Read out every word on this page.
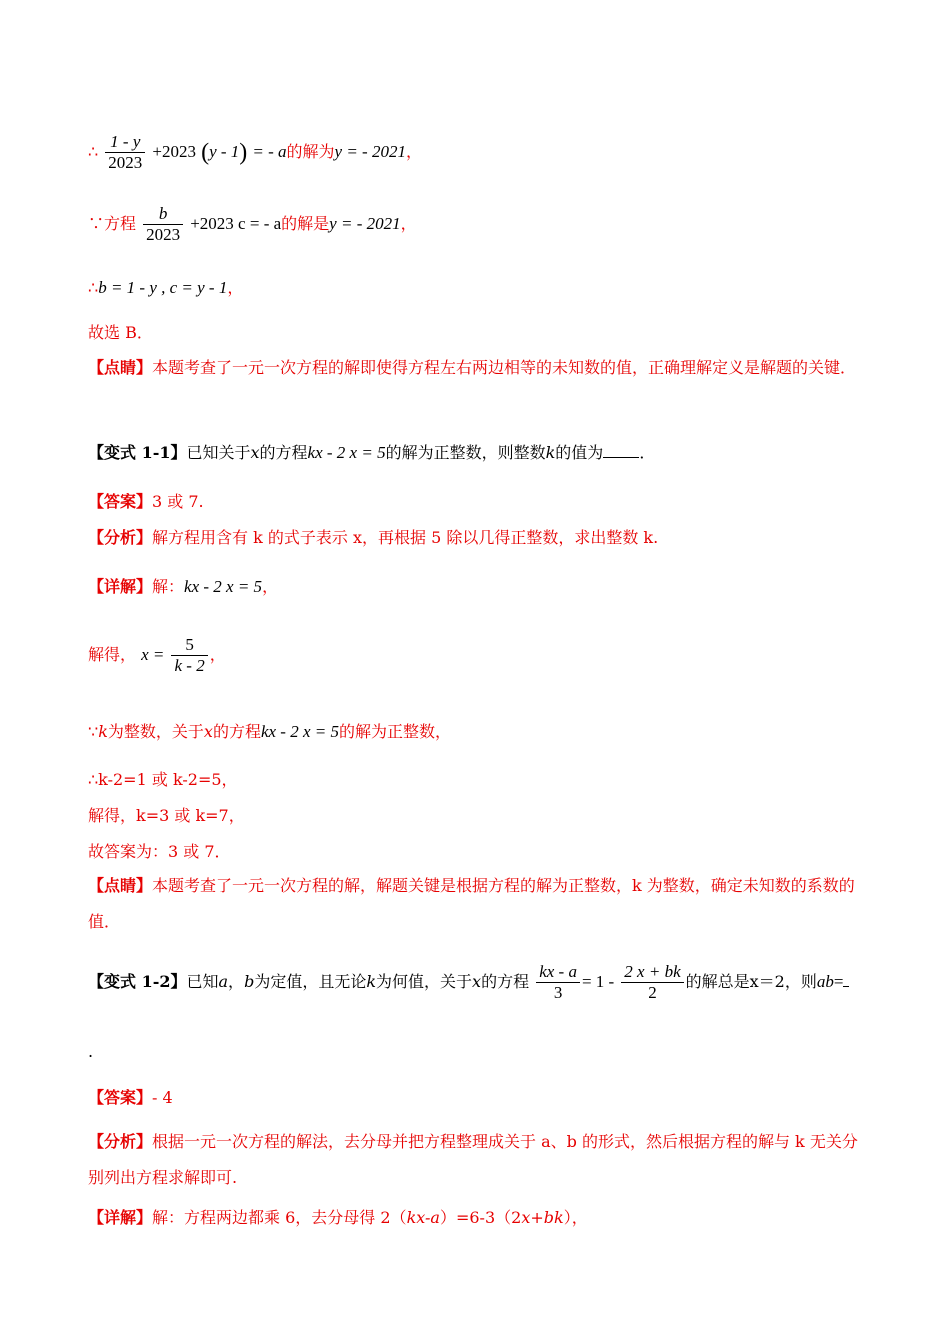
∴ $\frac{1 - y}{2023} +2023$ (y - 1) = - a的解为y = - 2021，
∵方程 $\frac{b}{2023} +2023$ c = - a的解是y = - 2021，
∴b = 1 - y , c = y - 1，
故选 B．
【点睛】本题考查了一元一次方程的解即使得方程左右两边相等的未知数的值，正确理解定义是解题的关键．
【变式 1-1】已知关于x的方程kx - 2 x = 5的解为正整数，则整数k的值为 ．
【答案】3 或 7.
【分析】解方程用含有 k 的式子表示 x，再根据 5 除以几得正整数，求出整数 k.
【详解】解：kx - 2 x = 5，
解得， $x = \frac{5}{k - 2}$ ，
∵k为整数，关于x的方程kx - 2 x = 5的解为正整数，
∴k-2=1 或 k-2=5，
解得，k=3 或 k=7，
故答案为：3 或 7．
【点睛】本题考查了一元一次方程的解，解题关键是根据方程的解为正整数，k 为整数，确定未知数的系数的值．
【变式 1-2】已知a，b为定值，且无论k为何值，关于x的方程 $\frac{kx - a}{3} = 1 - \frac{2 x + bk}{2}$ 的解总是x＝2，则ab=
.
【答案】- 4
【分析】根据一元一次方程的解法，去分母并把方程整理成关于 a、b 的形式，然后根据方程的解与 k 无关分别列出方程求解即可.
【详解】解：方程两边都乘 6，去分母得 2（kx-a）=6-3（2x+bk），
